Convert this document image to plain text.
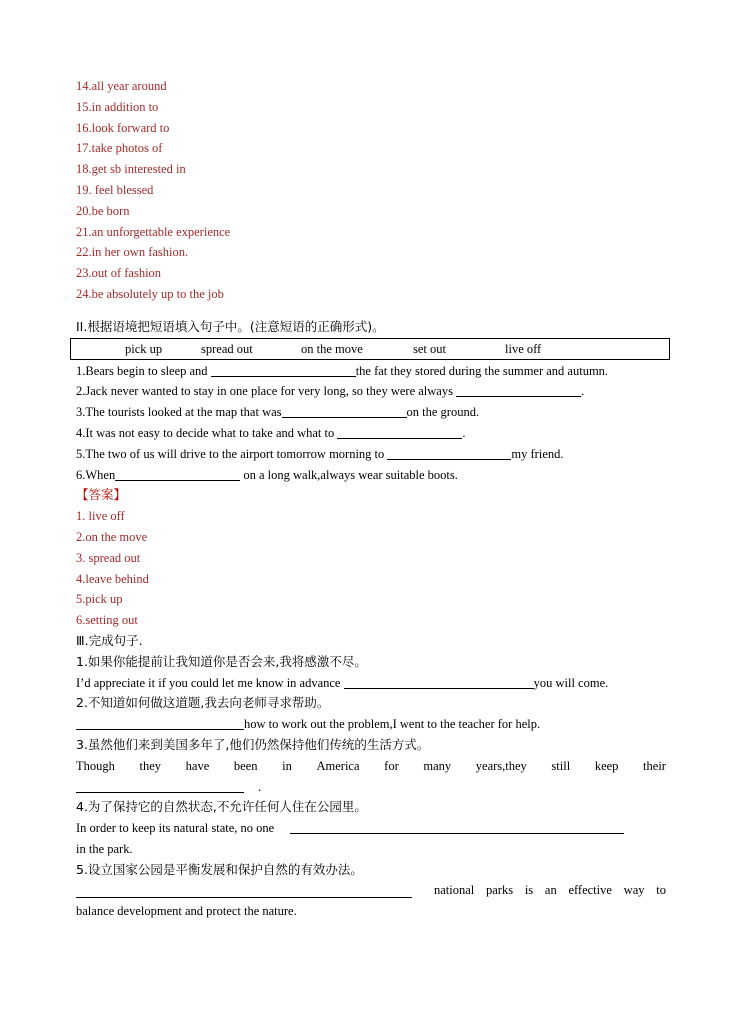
14.all year around
15.in addition to
16.look forward to
17.take photos of
18.get sb interested in
19. feel blessed
20.be born
21.an unforgettable experience
22.in her own fashion.
23.out of fashion
24.be absolutely up to the job
II.根据语境把短语填入句子中。(注意短语的正确形式)。
pick up	spread out	on the move	set out	live off
1.Bears begin to sleep and	the fat they stored during the summer and autumn.
2.Jack never wanted to stay in one place for very long, so they were always	.
3.The tourists looked at the map that was	on the ground.
4.It was not easy to decide what to take and what to	.
5.The two of us will drive to the airport tomorrow morning to	my friend.
6.When	on a long walk,always wear suitable boots.
【答案】
1. live off
2.on the move
3. spread out
4.leave behind
5.pick up
6.setting out
Ⅲ.完成句子.
1.如果你能提前让我知道你是否会来,我将感激不尽。
I’d appreciate it if you could let me know in advance	you will come.
2.不知道如何做这道题,我去向老师寻求帮助。
how to work out the problem,I went to the teacher for help.
3.虽然他们来到美国多年了,他们仍然保持他们传统的生活方式。
Though they have been in America for many years,they still keep their
.
4.为了保持它的自然状态,不允许任何人住在公园里。
In order to keep its natural state, no one
in the park.
5.设立国家公园是平衡发展和保护自然的有效办法。
national parks is an effective way to
balance development and protect the nature.
